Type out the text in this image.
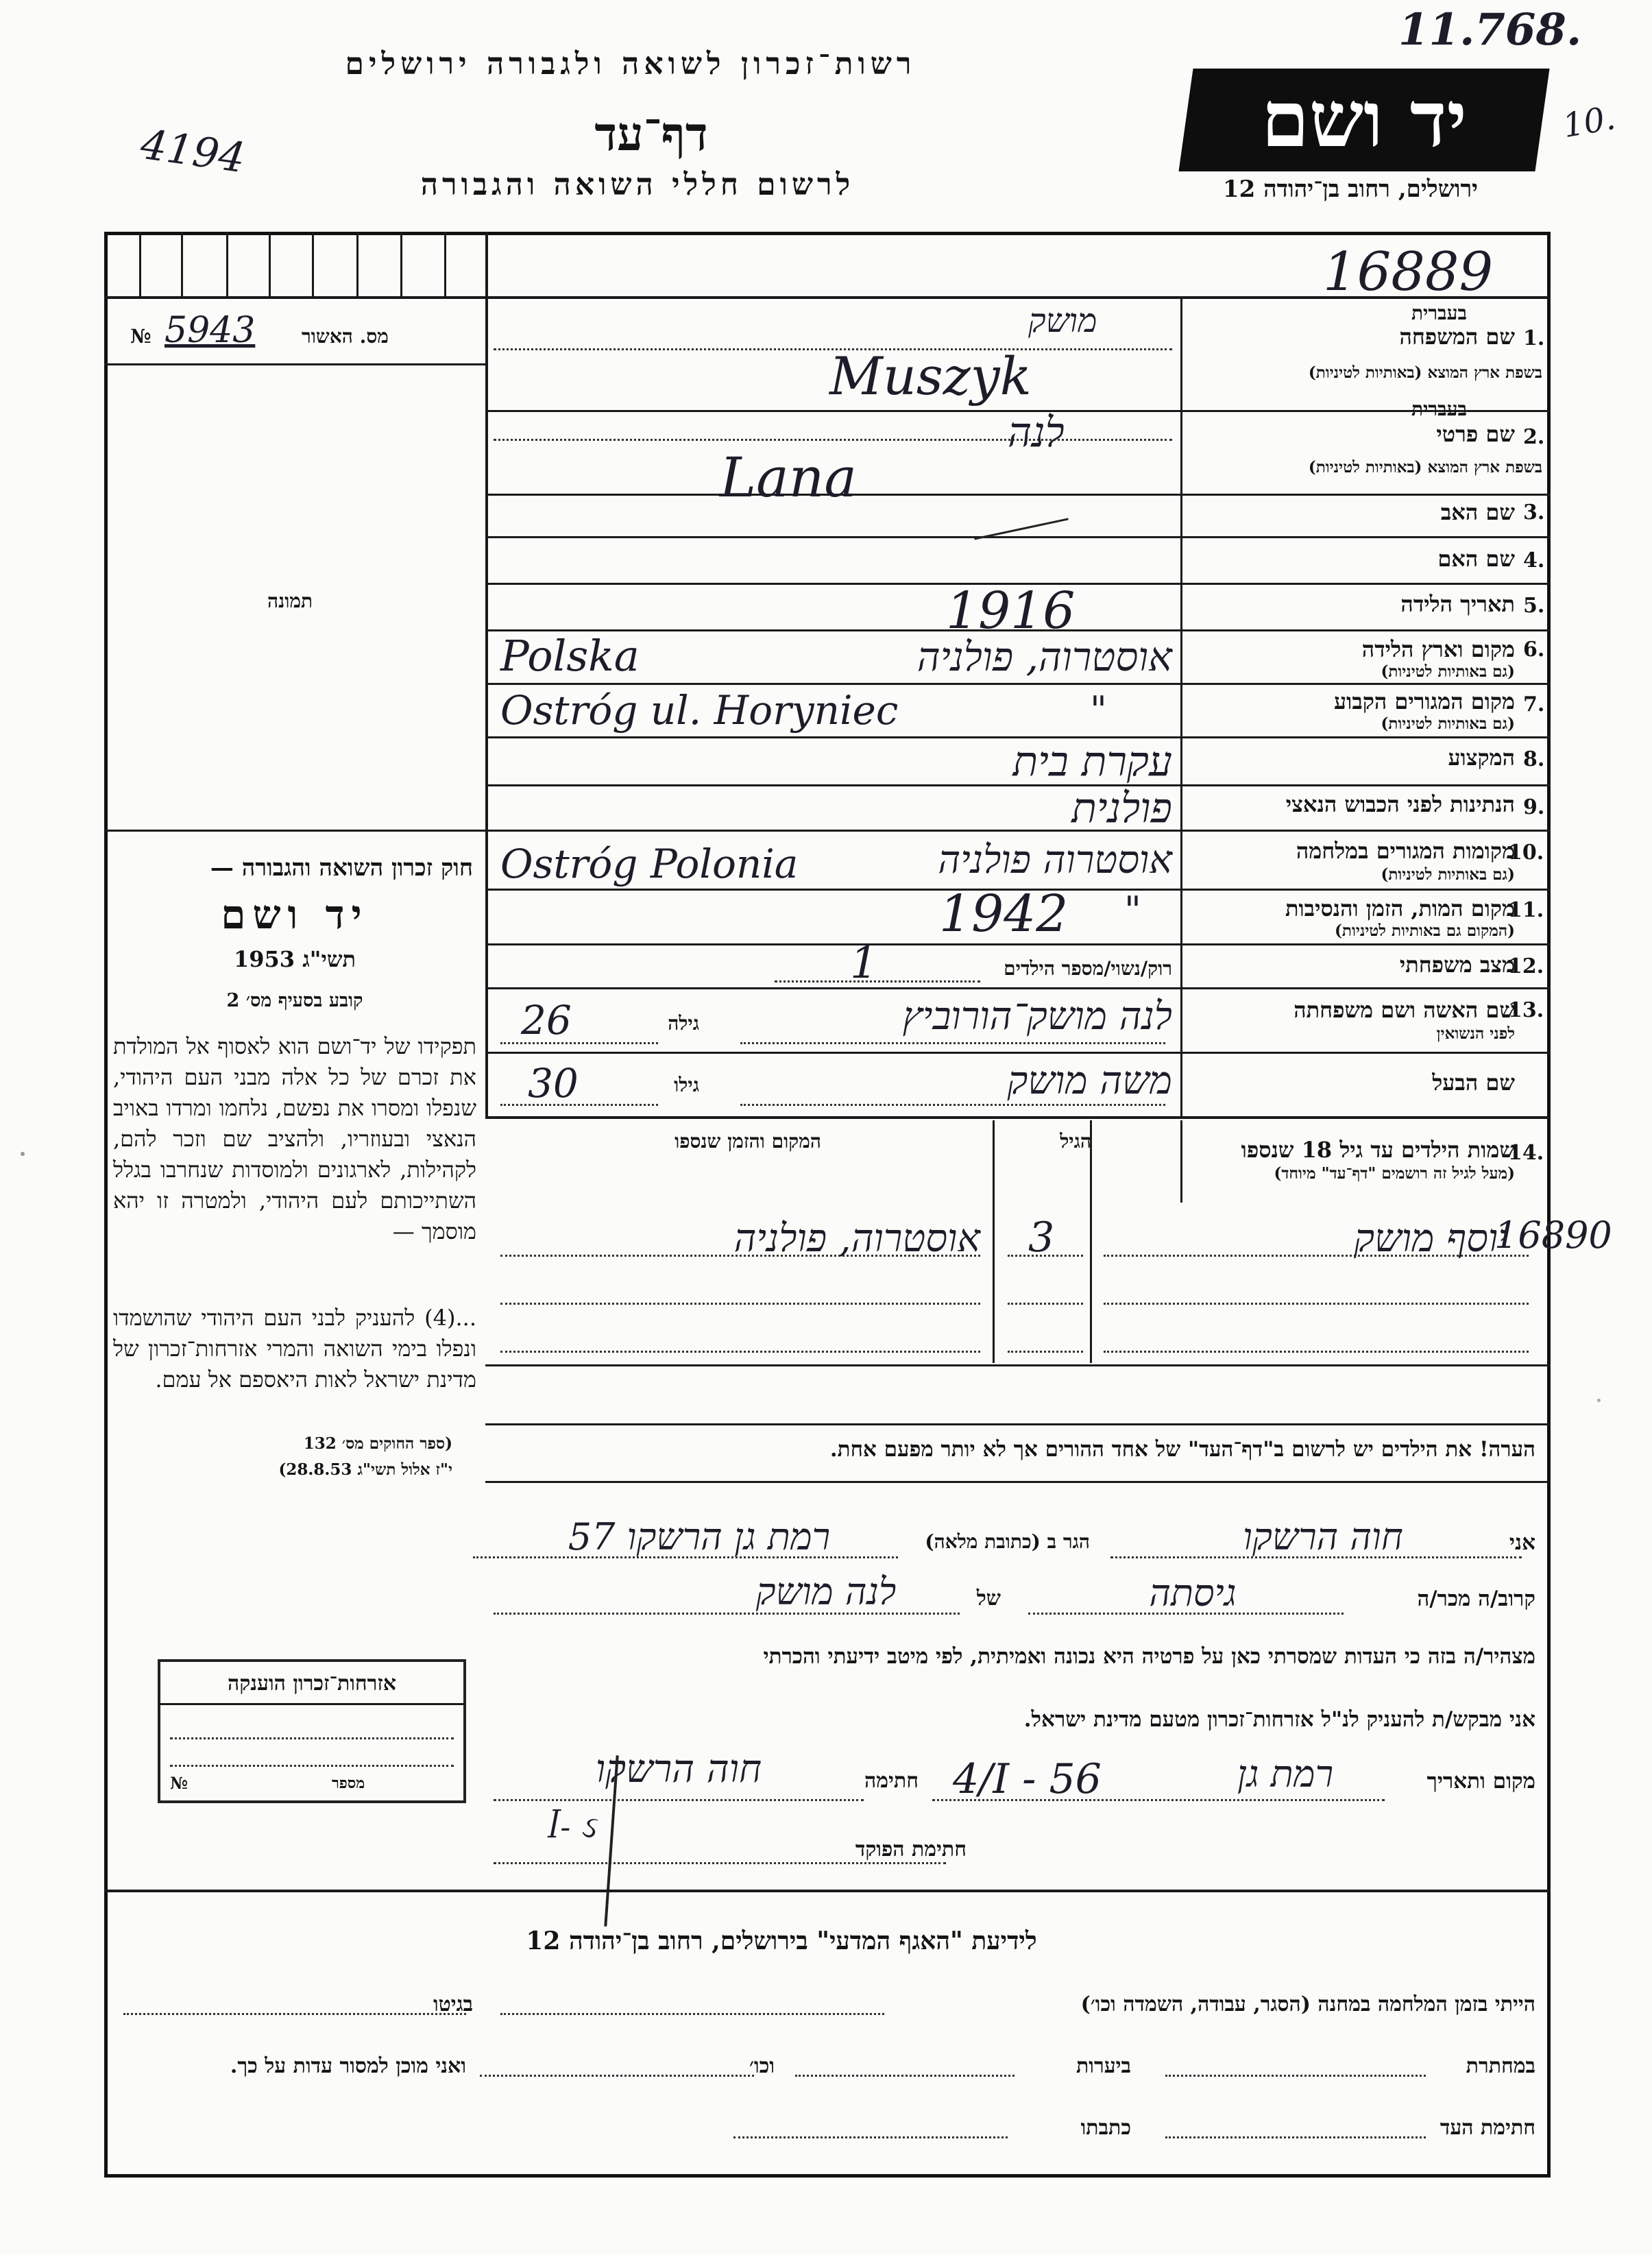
11.768.
10.
רשות־זכרון לשואה ולגבורה ירושלים
דף־עד
לרשום חללי השואה והגבורה
4194	יד ושם
ירושלים, רחוב בן־יהודה 12
16889
מס. האשור
№ 5943
תמונה
חוק זכרון השואה והגבורה —
יד ושם
תשי"ג 1953
קובע בסעיף מס׳ 2
תפקידו של יד־ושם הוא לאסוף אל המולדת את זכרם של כל אלה מבני העם היהודי, שנפלו ומסרו את נפשם, נלחמו ומרדו באויב הנאצי ובעוזריו, ולהציב שם וזכר להם, לקהילות, לארגונים ולמוסדות שנחרבו בגלל השתייכותם לעם היהודי, ולמטרה זו יהא מוסמך —
...(4) להעניק לבני העם היהודי שהושמדו ונפלו בימי השואה והמרי אזרחות־זכרון של מדינת ישראל לאות היאספם אל עמם.
(ספר החוקים מס׳ 132
י"ז אלול תשי"ג 28.8.53)
אזרחות־זכרון הוענקה
מספר
№
1.
שם המשפחה
בעברית
בשפת ארץ המוצא (באותיות לטיניות)
מושק
Muszyk
2.
שם פרטי
בעברית
בשפת ארץ המוצא (באותיות לטיניות)
לנה
Lana
3.
שם האב
4.
שם האם
5.
תאריך הלידה
1916
6.
מקום וארץ הלידה
(גם באותיות לטיניות)
Polska	אוסטרוה, פולניה
7.
מקום המגורים הקבוע
(גם באותיות לטיניות)
Ostróg ul. Horyniec	"
8.
המקצוע
עקרת בית
9.
הנתינות לפני הכבוש הנאצי
פולנית
10.
מקומות המגורים במלחמה
(גם באותיות לטיניות)
Ostróg Polonia	אוסטרוה פולניה
11.
מקום המות, הזמן והנסיבות
(המקום גם באותיות לטיניות)
1942 "
12.
מצב משפחתי
רוק/נשוי/מספר הילדים
1
13.
שם האשה ושם משפחתה
לפני הנשואין
גילה
26	לנה מושק־הורוביץ
שם הבעל
גילו
30	משה מושק
14.
שמות הילדים עד גיל 18 שנספו
(מעל לגיל זה רושמים "דף־עד" מיוחד)
הגיל
המקום והזמן שנספו
אוסטרוה, פולניה 3	יוסף מושק
16890
הערה! את הילדים יש לרשום ב"דף־העד" של אחד ההורים אך לא יותר מפעם אחת.
אני
חוה הרשקו
הגר ב (כתובת מלאה)
רמת גן הרשקו 57
קרוב/ה מכר/ה
גיסתה
של
לנה מושק
מצהיר/ה בזה כי העדות שמסרתי כאן על פרטיה היא נכונה ואמיתית, לפי מיטב ידיעתי והכרתי
אני מבקש/ת להעניק לנ"ל אזרחות־זכרון מטעם מדינת ישראל.
מקום ותאריך
רמת גן
4/I - 56
חתימה
חוה הרשקו
חתימת הפוקד
ꟾ‑ ઽ
לידיעת "האגף המדעי" בירושלים, רחוב בן־יהודה 12
הייתי בזמן המלחמה במחנה (הסגר, עבודה, השמדה וכו׳)
בגיטו
במחתרת
ביערות
וכו׳
ואני מוכן למסור עדות על כך.
חתימת העד
כתבתו
